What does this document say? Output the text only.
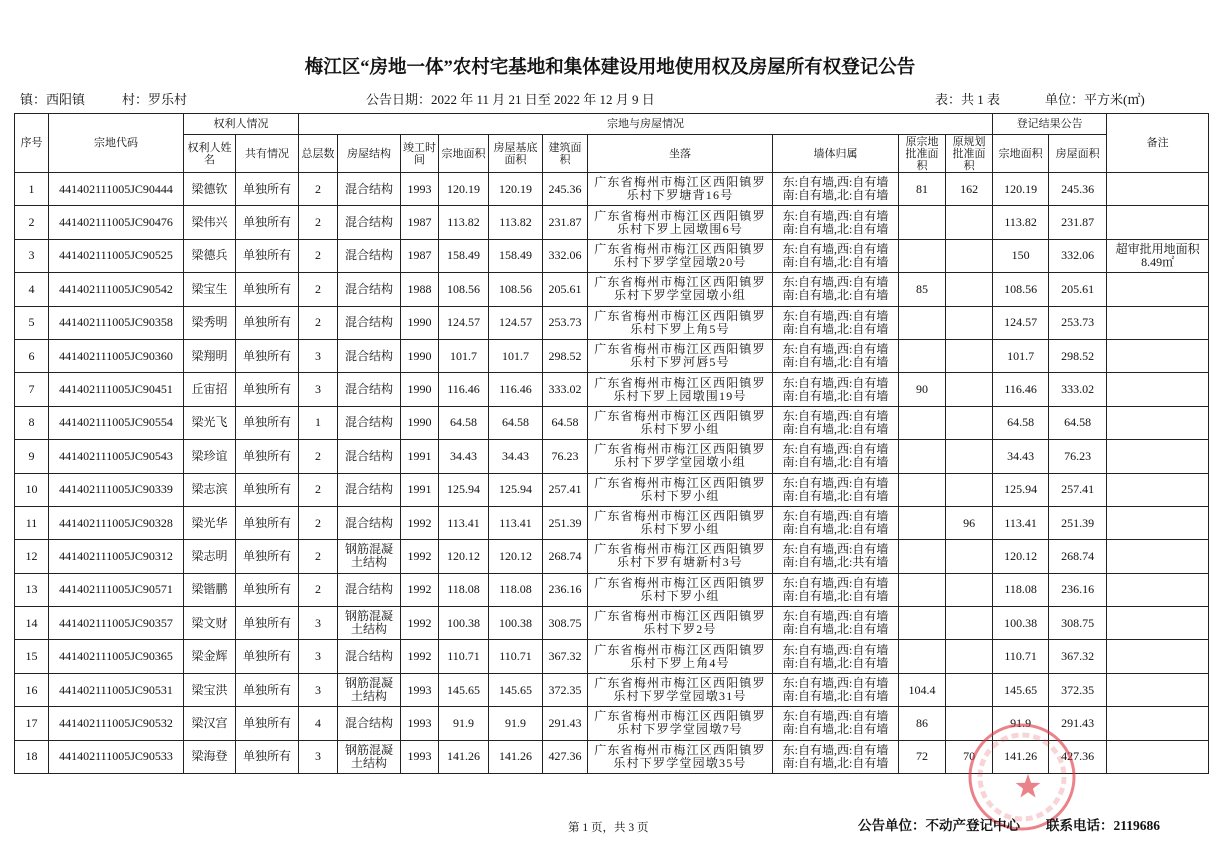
梅江区“房地一体”农村宅基地和集体建设用地使用权及房屋所有权登记公告
镇：西阳镇	村：罗乐村	公告日期：2022 年 11 月 21 日至 2022 年 12 月 9 日	表：共 1 表	单位：平方米(㎡)
序号	宗地代码	权利人情况		宗地与房屋情况										登记结果公告		备注
		权利人姓名	共有情况	总层数	房屋结构	竣工时间	宗地面积	房屋基底面积	建筑面积	坐落	墙体归属	原宗地批准面积	原规划批准面积	宗地面积	房屋面积	
1	441402111005JC90444	梁德钦	单独所有	2	混合结构	1993	120.19	120.19	245.36	广东省梅州市梅江区西阳镇罗乐村下罗塘背16号	东:自有墙,西:自有墙
南:自有墙,北:自有墙	81	162	120.19	245.36	
2	441402111005JC90476	梁伟兴	单独所有	2	混合结构	1987	113.82	113.82	231.87	广东省梅州市梅江区西阳镇罗乐村下罗上园墩围6号	东:自有墙,西:自有墙
南:自有墙,北:自有墙			113.82	231.87	
3	441402111005JC90525	梁德兵	单独所有	2	混合结构	1987	158.49	158.49	332.06	广东省梅州市梅江区西阳镇罗乐村下罗学堂园墩20号	东:自有墙,西:自有墙
南:自有墙,北:自有墙			150	332.06	超审批用地面积8.49㎡
4	441402111005JC90542	梁宝生	单独所有	2	混合结构	1988	108.56	108.56	205.61	广东省梅州市梅江区西阳镇罗乐村下罗学堂园墩小组	东:自有墙,西:自有墙
南:自有墙,北:自有墙	85		108.56	205.61	
5	441402111005JC90358	梁秀明	单独所有	2	混合结构	1990	124.57	124.57	253.73	广东省梅州市梅江区西阳镇罗乐村下罗上角5号	东:自有墙,西:自有墙
南:自有墙,北:自有墙			124.57	253.73	
6	441402111005JC90360	梁翔明	单独所有	3	混合结构	1990	101.7	101.7	298.52	广东省梅州市梅江区西阳镇罗乐村下罗河唇5号	东:自有墙,西:自有墙
南:自有墙,北:自有墙			101.7	298.52	
7	441402111005JC90451	丘宙招	单独所有	3	混合结构	1990	116.46	116.46	333.02	广东省梅州市梅江区西阳镇罗乐村下罗上园墩围19号	东:自有墙,西:自有墙
南:自有墙,北:自有墙	90		116.46	333.02	
8	441402111005JC90554	梁光飞	单独所有	1	混合结构	1990	64.58	64.58	64.58	广东省梅州市梅江区西阳镇罗乐村下罗小组	东:自有墙,西:自有墙
南:自有墙,北:自有墙			64.58	64.58	
9	441402111005JC90543	梁珍谊	单独所有	2	混合结构	1991	34.43	34.43	76.23	广东省梅州市梅江区西阳镇罗乐村下罗学堂园墩小组	东:自有墙,西:自有墙
南:自有墙,北:自有墙			34.43	76.23	
10	441402111005JC90339	梁志滨	单独所有	2	混合结构	1991	125.94	125.94	257.41	广东省梅州市梅江区西阳镇罗乐村下罗小组	东:自有墙,西:自有墙
南:自有墙,北:自有墙			125.94	257.41	
11	441402111005JC90328	梁光华	单独所有	2	混合结构	1992	113.41	113.41	251.39	广东省梅州市梅江区西阳镇罗乐村下罗小组	东:自有墙,西:自有墙
南:自有墙,北:自有墙		96	113.41	251.39	
12	441402111005JC90312	梁志明	单独所有	2	钢筋混凝土结构	1992	120.12	120.12	268.74	广东省梅州市梅江区西阳镇罗乐村下罗有塘新村3号	东:自有墙,西:自有墙
南:自有墙,北:共有墙			120.12	268.74	
13	441402111005JC90571	梁锴鹏	单独所有	2	混合结构	1992	118.08	118.08	236.16	广东省梅州市梅江区西阳镇罗乐村下罗小组	东:自有墙,西:自有墙
南:自有墙,北:自有墙			118.08	236.16	
14	441402111005JC90357	梁文财	单独所有	3	钢筋混凝土结构	1992	100.38	100.38	308.75	广东省梅州市梅江区西阳镇罗乐村下罗2号	东:自有墙,西:自有墙
南:自有墙,北:自有墙			100.38	308.75	
15	441402111005JC90365	梁金辉	单独所有	3	混合结构	1992	110.71	110.71	367.32	广东省梅州市梅江区西阳镇罗乐村下罗上角4号	东:自有墙,西:自有墙
南:自有墙,北:自有墙			110.71	367.32	
16	441402111005JC90531	梁宝洪	单独所有	3	钢筋混凝土结构	1993	145.65	145.65	372.35	广东省梅州市梅江区西阳镇罗乐村下罗学堂园墩31号	东:自有墙,西:自有墙
南:自有墙,北:自有墙	104.4		145.65	372.35	
17	441402111005JC90532	梁汉宫	单独所有	4	混合结构	1993	91.9	91.9	291.43	广东省梅州市梅江区西阳镇罗乐村下罗学堂园墩7号	东:自有墙,西:自有墙
南:自有墙,北:自有墙	86		91.9	291.43	
18	441402111005JC90533	梁海登	单独所有	3	钢筋混凝土结构	1993	141.26	141.26	427.36	广东省梅州市梅江区西阳镇罗乐村下罗学堂园墩35号	东:自有墙,西:自有墙
南:自有墙,北:自有墙	72	70	141.26	427.36	
第 1 页，共 3 页	公告单位：不动产登记中心 联系电话：2119686
